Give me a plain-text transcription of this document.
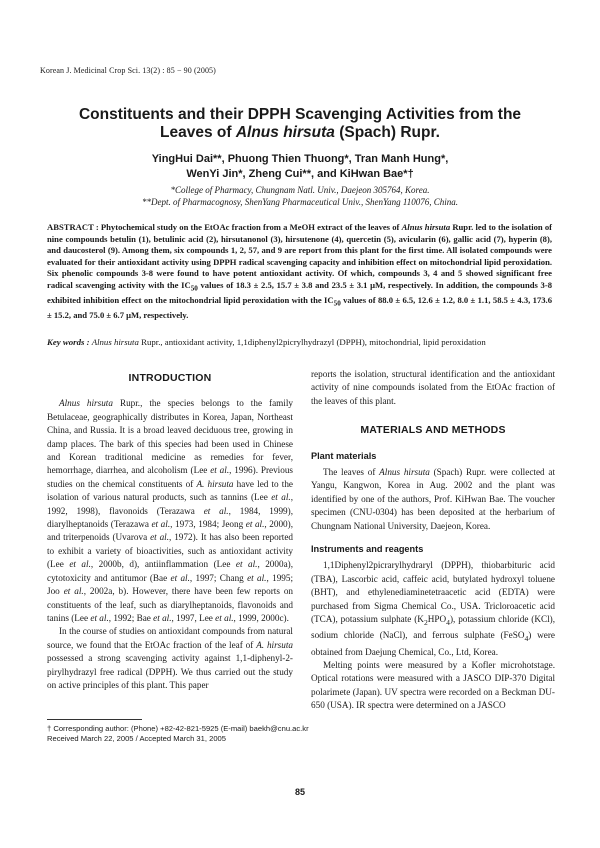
Korean J. Medicinal Crop Sci. 13(2) : 85 − 90 (2005)
Constituents and their DPPH Scavenging Activities from the
Leaves of Alnus hirsuta (Spach) Rupr.
YingHui Dai**, Phuong Thien Thuong*, Tran Manh Hung*,
WenYi Jin*, Zheng Cui**, and KiHwan Bae*†
*College of Pharmacy, Chungnam Natl. Univ., Daejeon 305764, Korea.
**Dept. of Pharmacognosy, ShenYang Pharmaceutical Univ., ShenYang 110076, China.
ABSTRACT : Phytochemical study on the EtOAc fraction from a MeOH extract of the leaves of Alnus hirsuta Rupr. led to the isolation of nine compounds betulin (1), betulinic acid (2), hirsutanonol (3), hirsutenone (4), quercetin (5), avicularin (6), gallic acid (7), hyperin (8), and daucosterol (9). Among them, six compounds 1, 2, 57, and 9 are report from this plant for the first time. All isolated compounds were evaluated for their antioxidant activity using DPPH radical scavenging capacity and inhibition effect on mitochondrial lipid peroxidation. Six phenolic compounds 3-8 were found to have potent antioxidant activity. Of which, compounds 3, 4 and 5 showed significant free radical scavenging activity with the $IC_{50}$ values of 18.3 ± 2.5, 15.7 ± 3.8 and 23.5 ± 3.1 μM, respectively. In addition, the compounds 3-8 exhibited inhibition effect on the mitochondrial lipid peroxidation with the $IC_{50}$ values of 88.0 ± 6.5, 12.6 ± 1.2, 8.0 ± 1.1, 58.5 ± 4.3, 173.6 ± 15.2, and 75.0 ± 6.7 μM, respectively.
Key words : Alnus hirsuta Rupr., antioxidant activity, 1,1diphenyl2picrylhydrazyl (DPPH), mitochondrial, lipid peroxidation
INTRODUCTION

Alnus hirsuta Rupr., the species belongs to the family Betulaceae, geographically distributes in Korea, Japan, Northeast China, and Russia. It is a broad leaved deciduous tree, growing in damp places. The bark of this species had been used in Chinese and Korean traditional medicine as remedies for fever, hemorrhage, diarrhea, and alcoholism (Lee et al., 1996). Previous studies on the chemical constituents of A. hirsuta have led to the isolation of various natural products, such as tannins (Lee et al., 1992, 1998), flavonoids (Terazawa et al., 1984, 1999), diarylheptanoids (Terazawa et al., 1973, 1984; Jeong et al., 2000), and triterpenoids (Uvarova et al., 1972). It has also been reported to exhibit a variety of bioactivities, such as antioxidant activity (Lee et al., 2000b, d), antiinflammation (Lee et al., 2000a), cytotoxicity and antitumor (Bae et al., 1997; Chang et al., 1995; Joo et al., 2002a, b). However, there have been few reports on constituents of the leaf, such as diarylheptanoids, flavonoids and tanins (Lee et al., 1992; Bae et al., 1997, Lee et al., 1999, 2000c).

In the course of studies on antioxidant compounds from natural source, we found that the EtOAc fraction of the leaf of A. hirsuta possessed a strong scavenging activity against 1,1-diphenyl-2-pirylhydrazyl free radical (DPPH). We thus carried out the study on active principles of this plant. This paper

reports the isolation, structural identification and the antioxidant activity of nine compounds isolated from the EtOAc fraction of the leaves of this plant.

MATERIALS AND METHODS
Plant materials

The leaves of Alnus hirsuta (Spach) Rupr. were collected at Yangu, Kangwon, Korea in Aug. 2002 and the plant was identified by one of the authors, Prof. KiHwan Bae. The voucher specimen (CNU-0304) has been deposited at the herbarium of Chungnam National University, Daejeon, Korea.

Instruments and reagents

1,1Diphenyl2picrarylhydraryl (DPPH), thiobarbituric acid (TBA), Lascorbic acid, caffeic acid, butylated hydroxyl toluene (BHT), and ethylenediaminetetraacetic acid (EDTA) were purchased from Sigma Chemical Co., USA. Tricloroacetic acid (TCA), potassium sulphate $(K_2HPO_4)$, potassium chloride (KCl), sodium chloride (NaCl), and ferrous sulphate (FeSO$_4$) were obtained from Daejung Chemical, Co., Ltd, Korea.

Melting points were measured by a Kofler microhotstage. Optical rotations were measured with a JASCO DIP-370 Digital polarimete (Japan). UV spectra were recorded on a Beckman DU-650 (USA). IR spectra were determined on a JASCO

† Corresponding author: (Phone) +82-42-821-5925 (E-mail) baekh@cnu.ac.kr
Received March 22, 2005 / Accepted March 31, 2005
85
